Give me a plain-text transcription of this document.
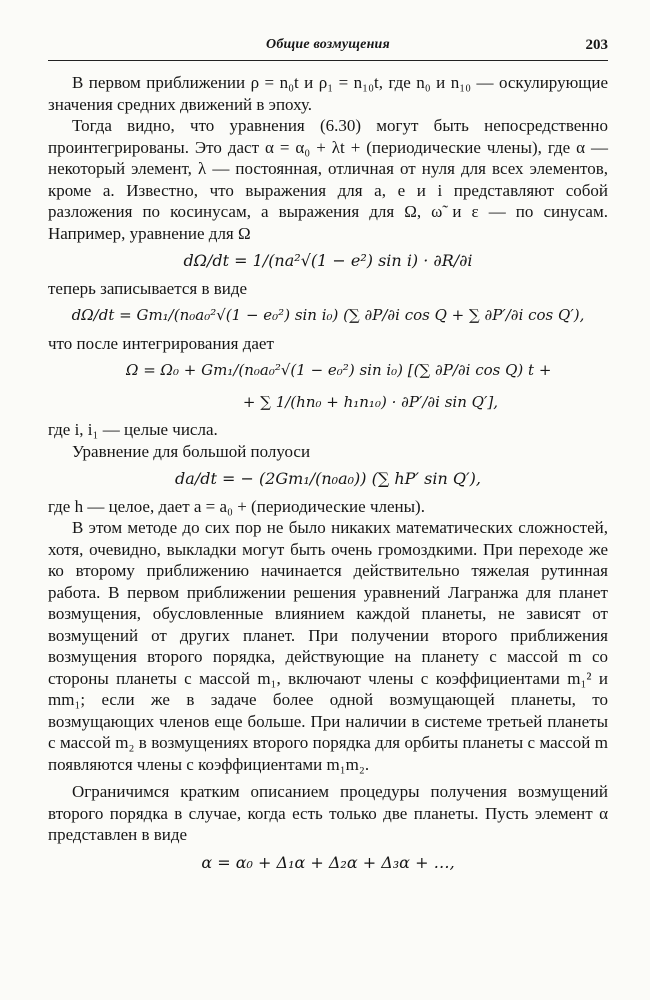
Общие возмущения	203

В первом приближении ρ = n₀t и ρ₁ = n₁₀t, где n₀ и n₁₀ — оскулирующие значения средних движений в эпоху.

Тогда видно, что уравнения (6.30) могут быть непосредственно проинтегрированы. Это даст α = α₀ + λt + (периодические члены), где α — некоторый элемент, λ — постоянная, отличная от нуля для всех элементов, кроме a. Известно, что выражения для a, e и i представляют собой разложения по косинусам, а выражения для Ω, ω̃ и ε — по синусам. Например, уравнение для Ω

dΩ/dt = 1/(na²√(1 − e²) sin i) · ∂R/∂i

теперь записывается в виде

dΩ/dt = Gm₁/(n₀a₀²√(1 − e₀²) sin i₀) (∑ ∂P/∂i cos Q + ∑ ∂P′/∂i cos Q′),

что после интегрирования дает

Ω = Ω₀ + Gm₁/(n₀a₀²√(1 − e₀²) sin i₀) [(∑ ∂P/∂i cos Q) t +
+ ∑ 1/(hn₀ + h₁n₁₀) · ∂P′/∂i sin Q′],

где i, i₁ — целые числа.

Уравнение для большой полуоси

da/dt = − (2Gm₁/(n₀a₀)) (∑ hP′ sin Q′),

где h — целое, дает a = a₀ + (периодические члены).

В этом методе до сих пор не было никаких математических сложностей, хотя, очевидно, выкладки могут быть очень громоздкими. При переходе же ко второму приближению начинается действительно тяжелая рутинная работа. В первом приближении решения уравнений Лагранжа для планет возмущения, обусловленные влиянием каждой планеты, не зависят от возмущений от других планет. При получении второго приближения возмущения второго порядка, действующие на планету с массой m со стороны планеты с массой m₁, включают члены с коэффициентами m₁² и mm₁; если же в задаче более одной возмущающей планеты, то возмущающих членов еще больше. При наличии в системе третьей планеты с массой m₂ в возмущениях второго порядка для орбиты планеты с массой m появляются члены с коэффициентами m₁m₂.

Ограничимся кратким описанием процедуры получения возмущений второго порядка в случае, когда есть только две планеты. Пусть элемент α представлен в виде

α = α₀ + Δ₁α + Δ₂α + Δ₃α + …,
